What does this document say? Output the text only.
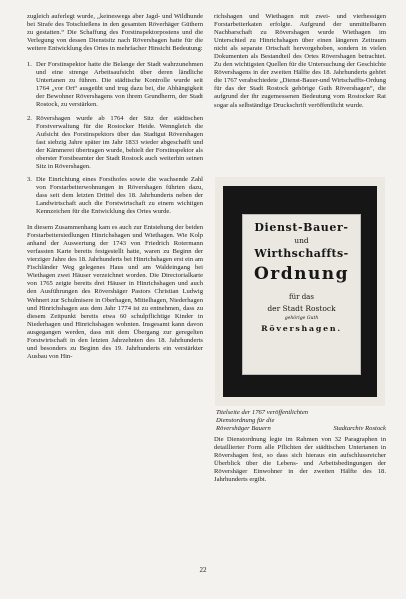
zugleich auferlegt wurde, „keineswegs aber Jagd- und Wildhunde bei Strafe des Totschießens in den gesamten Röverhäger Güthern zu gestatten.“ Die Schaffung des Forstinspektorpostens und die Verlegung von dessen Dienstsitz nach Rövershagen hatte für die weitere Entwicklung des Ortes in mehrfacher Hinsicht Bedeutung:

1. Der Forstinspektor hatte die Belange der Stadt wahrzunehmen und eine strenge Arbeitsaufsicht über deren ländliche Untertanen zu führen. Die städtische Kontrolle wurde seit 1764 „vor Ort“ ausgeübt und trug dazu bei, die Abhängigkeit der Bewohner Rövershagens von ihrem Grundherrn, der Stadt Rostock, zu verstärken.
2. Rövershagen wurde ab 1764 der Sitz der städtischen Forstverwaltung für die Rostocker Heide. Wenngleich die Aufsicht des Forstinspektors über das Stadtgut Rövershagen fast siebzig Jahre später im Jahr 1833 wieder abgeschafft und der Kämmerei übertragen wurde, behielt der Forstinspektor als oberster Forstbeamter der Stadt Rostock auch weiterhin seinen Sitz in Rövershagen.
3. Die Einrichtung eines Forsthofes sowie die wachsende Zahl von Forstarbeiterwohnungen in Rövershagen führten dazu, dass seit dem letzten Drittel des 18. Jahrhunderts neben der Landwirtschaft auch die Forstwirtschaft zu einem wichtigen Kennzeichen für die Entwicklung des Ortes wurde.

In diesem Zusammenhang kam es auch zur Entstehung der beiden Forstarbeitersiedlungen Hinrichshagen und Wiethagen. Wie Kolp anhand der Auswertung der 1743 von Friedrich Rotermann verfassten Karte bereits festgestellt hatte, waren zu Beginn der vierziger Jahre des 18. Jahrhunderts bei Hinrichshagen erst ein am Fischländer Weg gelegenes Haus und am Waldeingang bei Wiethagen zwei Häuser verzeichnet worden. Die Directorialkarte von 1765 zeigte bereits drei Häuser in Hinrichshagen und auch den Ausführungen des Rövershäger Pastors Christian Ludwig Wehnert zur Schulmisere in Oberhagen, Mittelhagen, Niederhagen und Hinrichshagen aus dem Jahr 1774 ist zu entnehmen, dass zu diesem Zeitpunkt bereits etwa 60 schulpflichtige Kinder in Niederhagen und Hinrichshagen wohnten. Insgesamt kann davon ausgegangen werden, dass mit dem Übergang zur geregelten Forstwirtschaft in den letzten Jahrzehnten des 18. Jahrhunderts und besonders zu Beginn des 19. Jahrhunderts ein verstärkter Ausbau von Hin-

richshagen und Wiethagen mit zwei- und vierhessigen Forstarbeiterkaten erfolgte. Aufgrund der unmittelbaren Nachbarschaft zu Rövershagen wurde Wiethagen im Unterschied zu Hinrichshagen über einen längeren Zeitraum nicht als separate Ortschaft hervorgehoben, sondern in vielen Dokumenten als Bestandteil des Ortes Rövershagen betrachtet. Zu den wichtigsten Quellen für die Untersuchung der Geschichte Rövershagens in der zweiten Hälfte des 18. Jahrhunderts gehört die 1767 verabschiedete „Dienst-Bauer-und Wirtschaffts-Ordung für das der Stadt Rostock gehörige Guth Rövershagen“, die aufgrund der ihr zugemessenen Bedeutung vom Rostocker Rat sogar als selbständige Druckschrift veröffentlicht wurde.

Dienst-Bauer-
und
Wirthschaffts-
Ordnung
für das
der Stadt Rostock
gehörige Guth
Rövershagen.
Titelseite der 1767 veröffentlichten
Dienstordnung für die
Rövershäger Bauern	Stadtarchiv Rostock

Die Dienstordnung legte im Rahmen von 32 Paragraphen in detaillierter Form alle Pflichten der städtischen Untertanen in Rövershagen fest, so dass sich hieraus ein aufschlussreicher Überblick über die Lebens- und Arbeitsbedingungen der Rövershäger Einwohner in der zweiten Hälfte des 18. Jahrhunderts ergibt.

22
